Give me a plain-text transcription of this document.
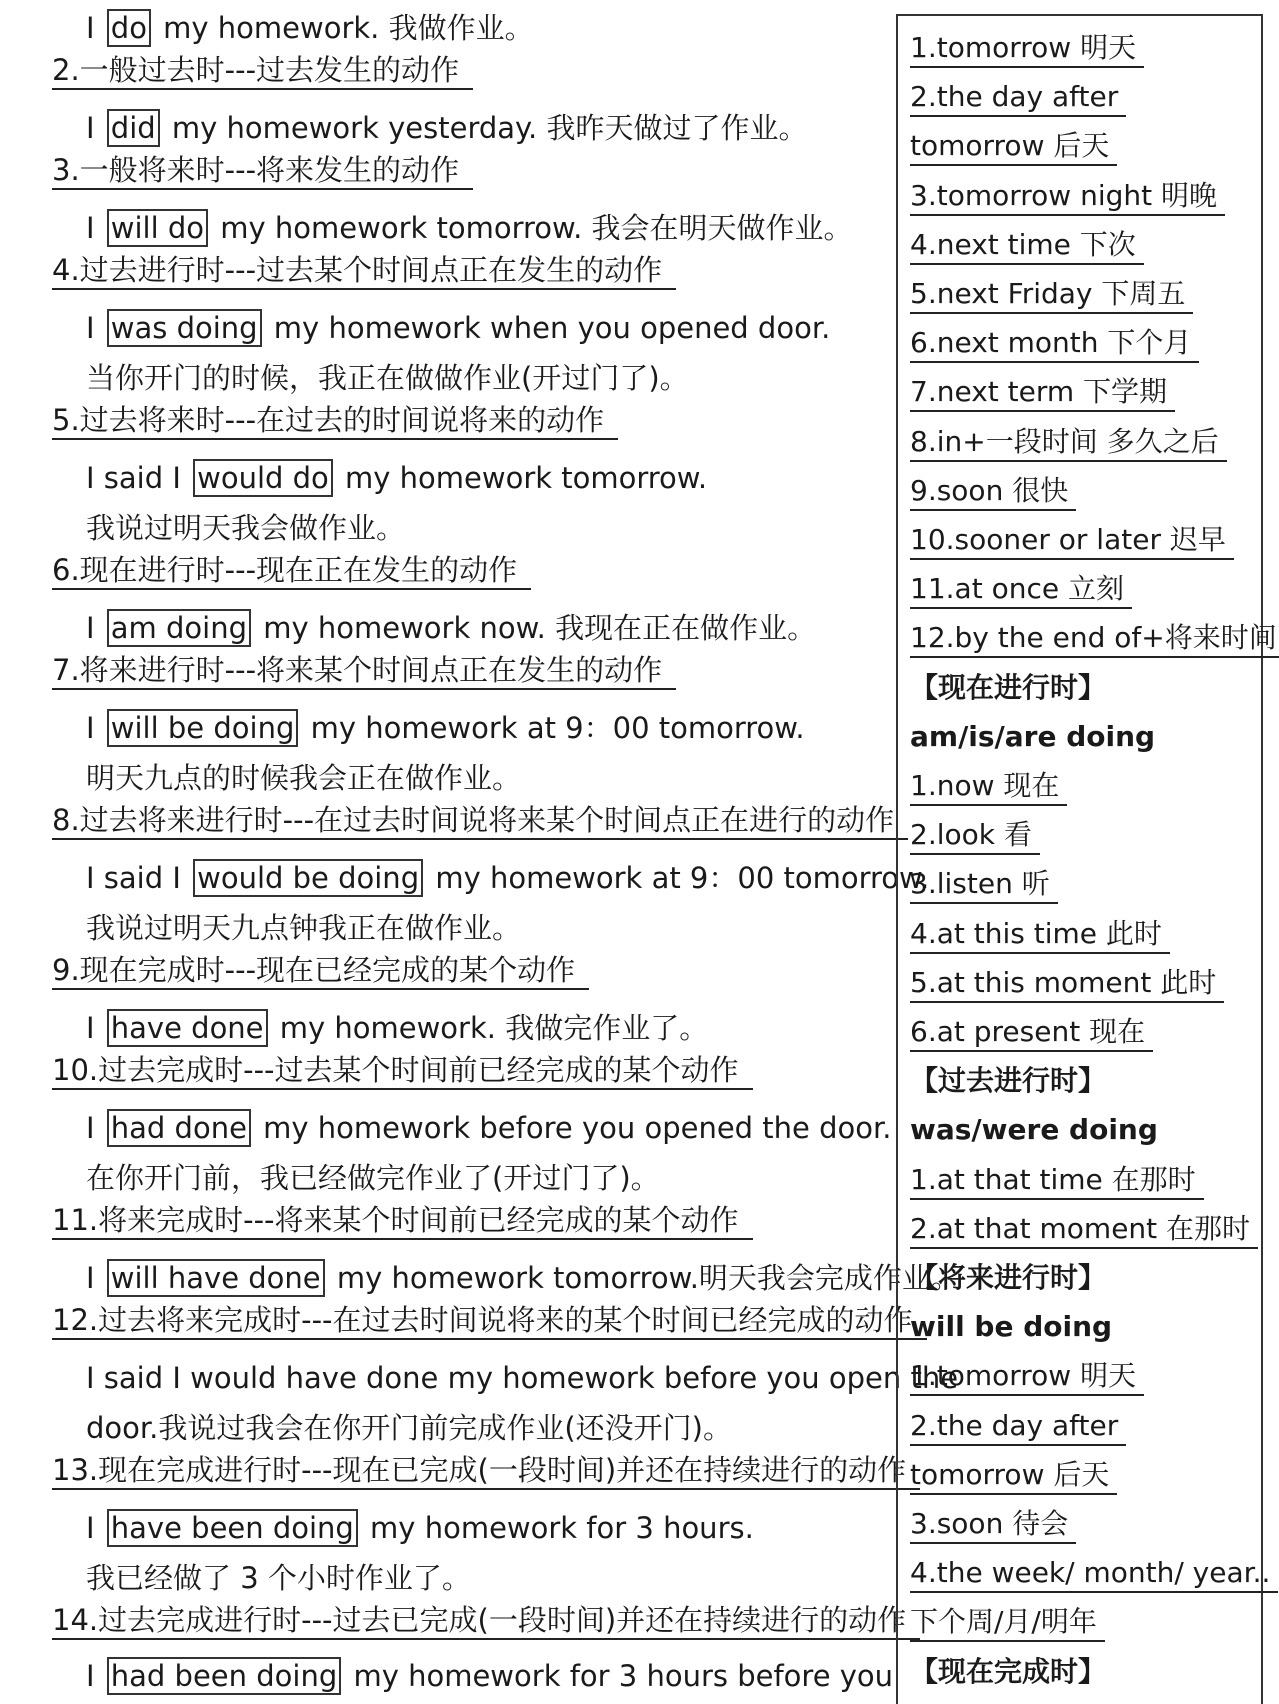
I do my homework. 我做作业。
2.一般过去时---过去发生的动作
I did my homework yesterday. 我昨天做过了作业。
3.一般将来时---将来发生的动作
I will do my homework tomorrow. 我会在明天做作业。
4.过去进行时---过去某个时间点正在发生的动作
I was doing my homework when you opened door.
当你开门的时候，我正在做做作业(开过门了)。
5.过去将来时---在过去的时间说将来的动作
I said I would do my homework tomorrow.
我说过明天我会做作业。
6.现在进行时---现在正在发生的动作
I am doing my homework now. 我现在正在做作业。
7.将来进行时---将来某个时间点正在发生的动作
I will be doing my homework at 9：00 tomorrow.
明天九点的时候我会正在做作业。
8.过去将来进行时---在过去时间说将来某个时间点正在进行的动作
I said I would be doing my homework at 9：00 tomorrow.
我说过明天九点钟我正在做作业。
9.现在完成时---现在已经完成的某个动作
I have done my homework. 我做完作业了。
10.过去完成时---过去某个时间前已经完成的某个动作
I had done my homework before you opened the door.
在你开门前，我已经做完作业了(开过门了)。
11.将来完成时---将来某个时间前已经完成的某个动作
I will have done my homework tomorrow.明天我会完成作业。
12.过去将来完成时---在过去时间说将来的某个时间已经完成的动作
I said I would have done my homework before you open the
door.我说过我会在你开门前完成作业(还没开门)。
13.现在完成进行时---现在已完成(一段时间)并还在持续进行的动作
I have been doing my homework for 3 hours.
我已经做了 3 个小时作业了。
14.过去完成进行时---过去已完成(一段时间)并还在持续进行的动作
I had been doing my homework for 3 hours before you
1.tomorrow 明天
2.the day after
tomorrow 后天
3.tomorrow night 明晚
4.next time 下次
5.next Friday 下周五
6.next month 下个月
7.next term 下学期
8.in+一段时间 多久之后
9.soon 很快
10.sooner or later 迟早
11.at once 立刻
12.by the end of+将来时间
【现在进行时】
am/is/are doing
1.now 现在
2.look 看
3.listen 听
4.at this time 此时
5.at this moment 此时
6.at present 现在
【过去进行时】
was/were doing
1.at that time 在那时
2.at that moment 在那时
【将来进行时】
will be doing
1.tomorrow 明天
2.the day after
tomorrow 后天
3.soon 待会
4.the week/ month/ year..
下个周/月/明年
【现在完成时】
